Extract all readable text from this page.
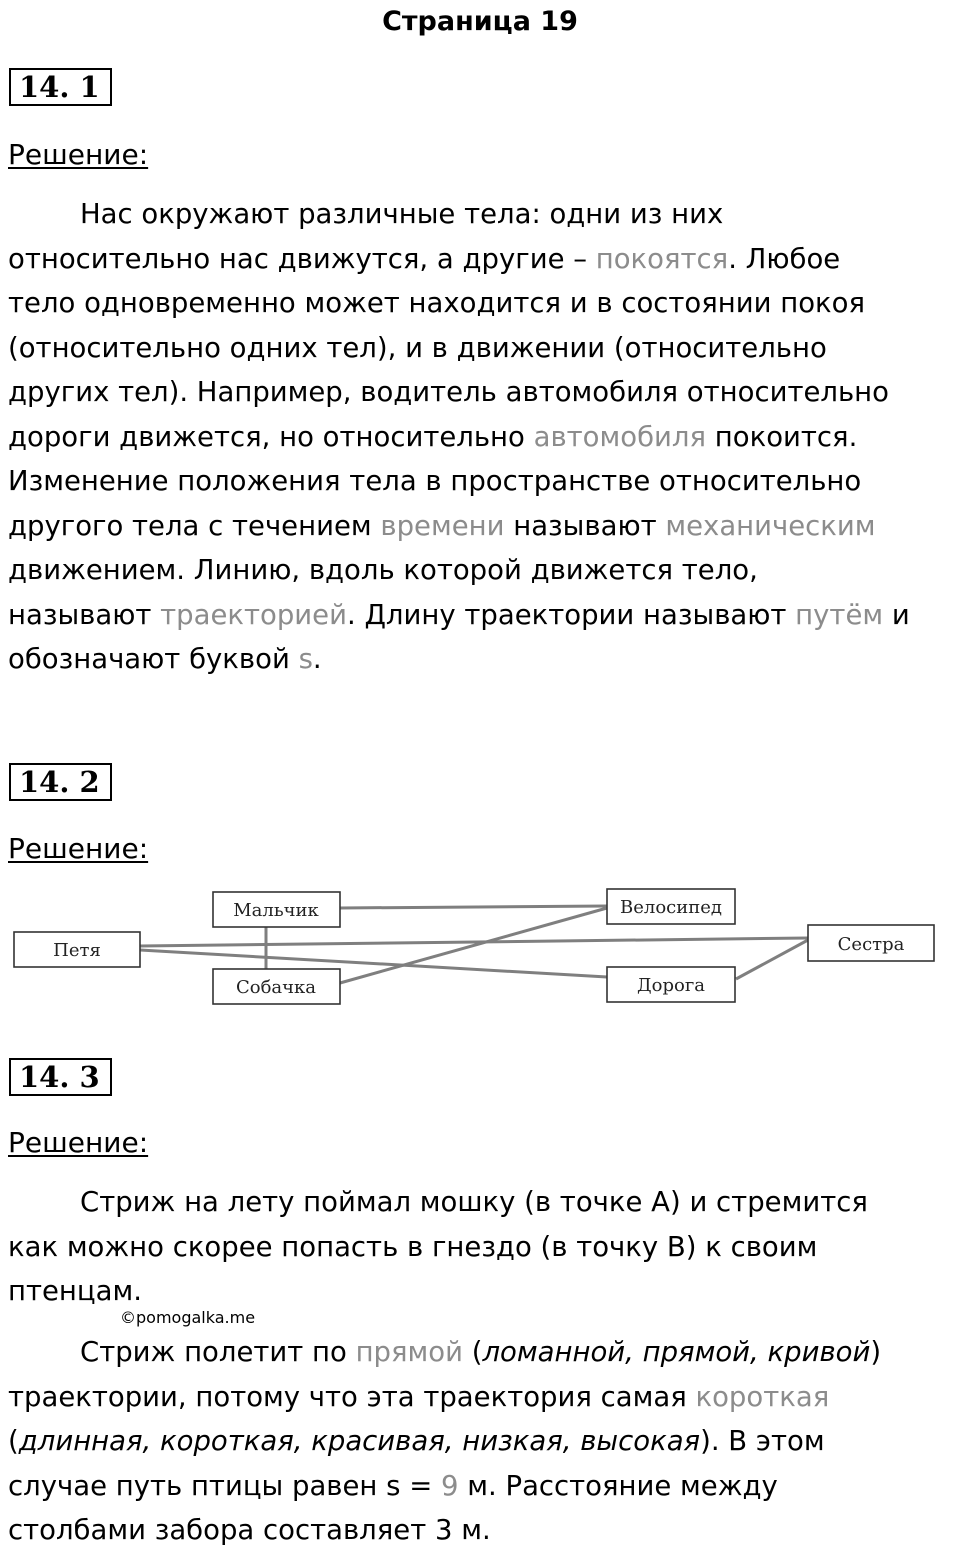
Страница 19
14. 1
Решение:
Нас окружают различные тела: одни из них
относительно нас движутся, а другие – покоятся. Любое
тело одновременно может находится и в состоянии покоя
(относительно одних тел), и в движении (относительно
других тел). Например, водитель автомобиля относительно
дороги движется, но относительно автомобиля покоится.
Изменение положения тела в пространстве относительно
другого тела с течением времени называют механическим
движением. Линию, вдоль которой движется тело,
называют траекторией. Длину траектории называют путём и
обозначают буквой s.
14. 2
Решение:
Петя
Мальчик
Собачка
Велосипед
Дорога
Сестра
14. 3
Решение:
Стриж на лету поймал мошку (в точке А) и стремится
как можно скорее попасть в гнездо (в точку В) к своим
птенцам.
©pomogalka.me
Стриж полетит по прямой (ломанной, прямой, кривой)
траектории, потому что эта траектория самая короткая
(длинная, короткая, красивая, низкая, высокая). В этом
случае путь птицы равен s = 9 м. Расстояние между
столбами забора составляет 3 м.
